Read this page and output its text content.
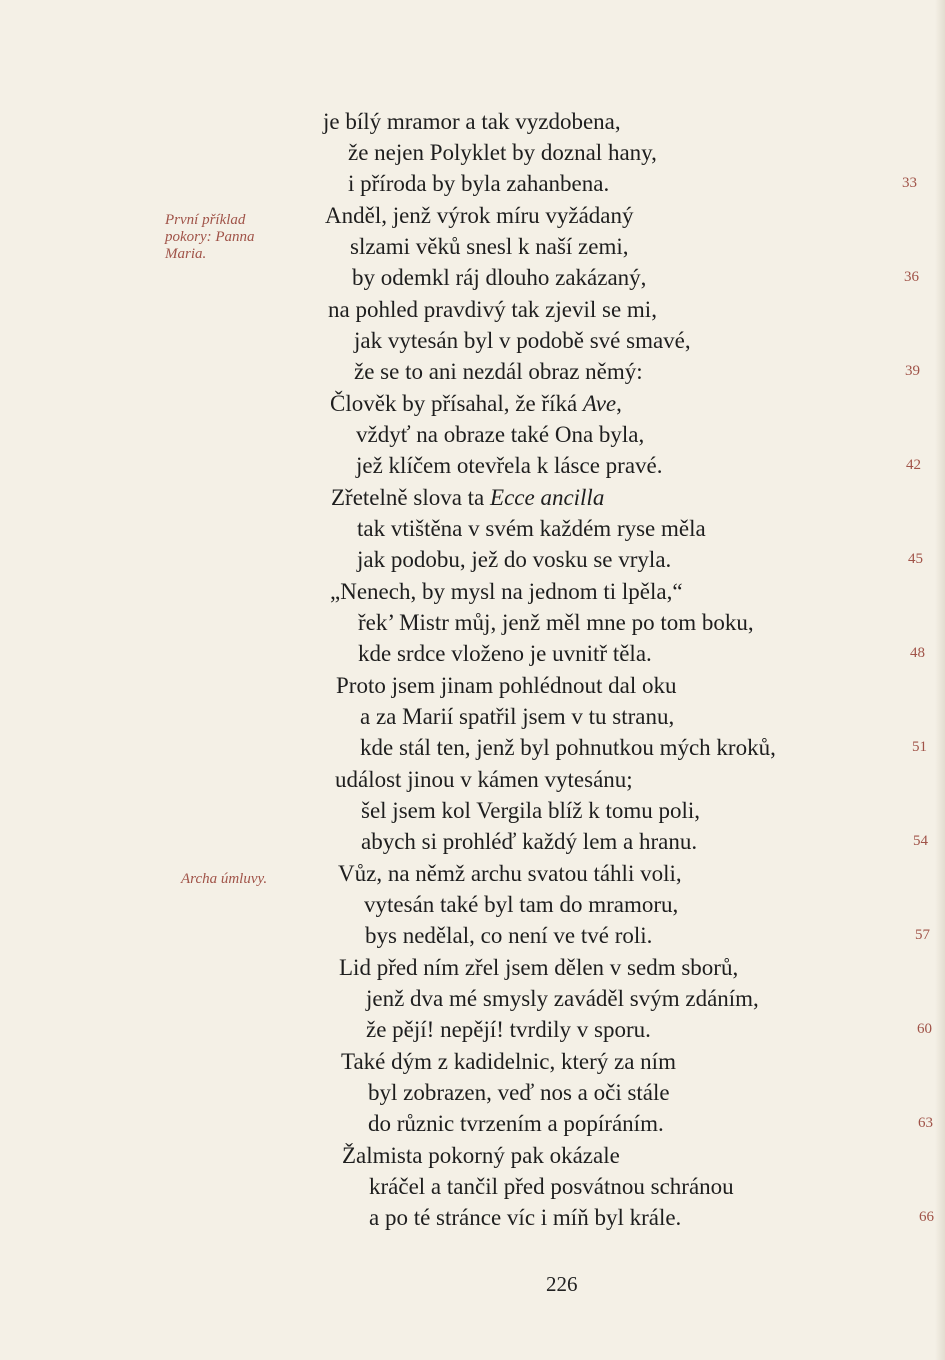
První příklad
pokory: Panna
Maria.
Archa úmluvy.
je bílý mramor a tak vyzdobena,
že nejen Polyklet by doznal hany,
i příroda by byla zahanbena.	33
Anděl, jenž výrok míru vyžádaný
slzami věků snesl k naší zemi,
by odemkl ráj dlouho zakázaný,	36
na pohled pravdivý tak zjevil se mi,
jak vytesán byl v podobě své smavé,
že se to ani nezdál obraz němý:	39
Člověk by přísahal, že říká Ave,
vždyť na obraze také Ona byla,
jež klíčem otevřela k lásce pravé.	42
Zřetelně slova ta Ecce ancilla
tak vtištěna v svém každém ryse měla
jak podobu, jež do vosku se vryla.	45
„Nenech, by mysl na jednom ti lpěla,“
řek’ Mistr můj, jenž měl mne po tom boku,
kde srdce vloženo je uvnitř těla.	48
Proto jsem jinam pohlédnout dal oku
a za Marií spatřil jsem v tu stranu,
kde stál ten, jenž byl pohnutkou mých kroků,	51
událost jinou v kámen vytesánu;
šel jsem kol Vergila blíž k tomu poli,
abych si prohléď každý lem a hranu.	54
Vůz, na němž archu svatou táhli voli,
vytesán také byl tam do mramoru,
bys nedělal, co není ve tvé roli.	57
Lid před ním zřel jsem dělen v sedm sborů,
jenž dva mé smysly zaváděl svým zdáním,
že pějí! nepějí! tvrdily v sporu.	60
Také dým z kadidelnic, který za ním
byl zobrazen, veď nos a oči stále
do různic tvrzením a popíráním.	63
Žalmista pokorný pak okázale
kráčel a tančil před posvátnou schránou
a po té stránce víc i míň byl krále.	66
226
